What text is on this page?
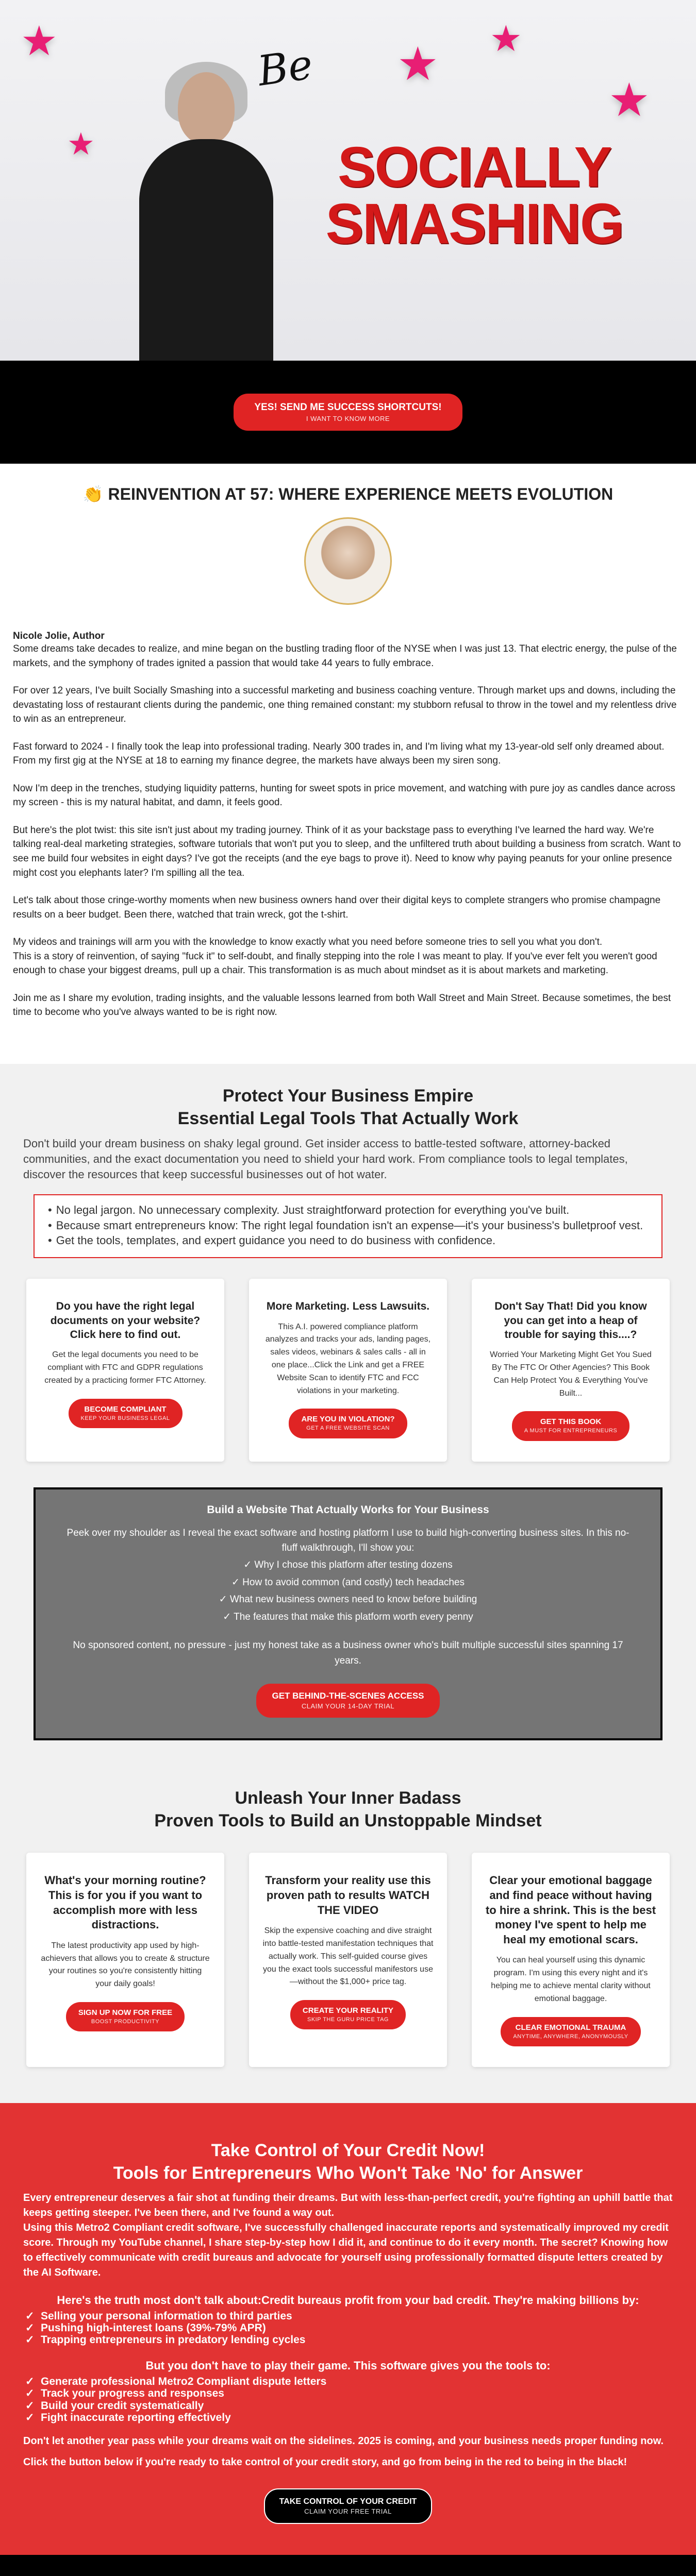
★
★
★ ★
★
Be
SOCIALLY
SMASHING
YES! SEND ME SUCCESS SHORTCUTS!
I WANT TO KNOW MORE
👏 REINVENTION AT 57: WHERE EXPERIENCE MEETS EVOLUTION
Nicole Jolie, Author

Some dreams take decades to realize, and mine began on the bustling trading floor of the NYSE when I was just 13. That electric energy, the pulse of the markets, and the symphony of trades ignited a passion that would take 44 years to fully embrace.

For over 12 years, I've built Socially Smashing into a successful marketing and business coaching venture. Through market ups and downs, including the devastating loss of restaurant clients during the pandemic, one thing remained constant: my stubborn refusal to throw in the towel and my relentless drive to win as an entrepreneur.

Fast forward to 2024 - I finally took the leap into professional trading. Nearly 300 trades in, and I'm living what my 13-year-old self only dreamed about. From my first gig at the NYSE at 18 to earning my finance degree, the markets have always been my siren song.

Now I'm deep in the trenches, studying liquidity patterns, hunting for sweet spots in price movement, and watching with pure joy as candles dance across my screen - this is my natural habitat, and damn, it feels good.

But here's the plot twist: this site isn't just about my trading journey. Think of it as your backstage pass to everything I've learned the hard way. We're talking real-deal marketing strategies, software tutorials that won't put you to sleep, and the unfiltered truth about building a business from scratch. Want to see me build four websites in eight days? I've got the receipts (and the eye bags to prove it). Need to know why paying peanuts for your online presence might cost you elephants later? I'm spilling all the tea.

Let's talk about those cringe-worthy moments when new business owners hand over their digital keys to complete strangers who promise champagne results on a beer budget. Been there, watched that train wreck, got the t-shirt.

My videos and trainings will arm you with the knowledge to know exactly what you need before someone tries to sell you what you don't.

This is a story of reinvention, of saying "fuck it" to self-doubt, and finally stepping into the role I was meant to play. If you've ever felt you weren't good enough to chase your biggest dreams, pull up a chair. This transformation is as much about mindset as it is about markets and marketing.

Join me as I share my evolution, trading insights, and the valuable lessons learned from both Wall Street and Main Street. Because sometimes, the best time to become who you've always wanted to be is right now.

Protect Your Business Empire
Essential Legal Tools That Actually Work

Don't build your dream business on shaky legal ground. Get insider access to battle-tested software, attorney-backed communities, and the exact documentation you need to shield your hard work. From compliance tools to legal templates, discover the resources that keep successful businesses out of hot water.

• No legal jargon. No unnecessary complexity. Just straightforward protection for everything you've built.
• Because smart entrepreneurs know: The right legal foundation isn't an expense—it's your business's bulletproof vest.
• Get the tools, templates, and expert guidance you need to do business with confidence.
Do you have the right legal documents on your website? Click here to find out.

Get the legal documents you need to be compliant with FTC and GDPR regulations created by a practicing former FTC Attorney.

BECOME COMPLIANT
KEEP YOUR BUSINESS LEGAL
More Marketing. Less Lawsuits.

This A.I. powered compliance platform analyzes and tracks your ads, landing pages, sales videos, webinars & sales calls - all in one place...Click the Link and get a FREE Website Scan to identify FTC and FCC violations in your marketing.

ARE YOU IN VIOLATION?
GET A FREE WEBSITE SCAN
Don't Say That! Did you know you can get into a heap of trouble for saying this....?

Worried Your Marketing Might Get You Sued By The FTC Or Other Agencies? This Book Can Help Protect You & Everything You've Built...

GET THIS BOOK
A MUST FOR ENTREPRENEURS
Build a Website That Actually Works for Your Business

Peek over my shoulder as I reveal the exact software and hosting platform I use to build high-converting business sites. In this no-fluff walkthrough, I'll show you:

✓ Why I chose this platform after testing dozens

✓ How to avoid common (and costly) tech headaches

✓ What new business owners need to know before building

✓ The features that make this platform worth every penny

No sponsored content, no pressure - just my honest take as a business owner who's built multiple successful sites spanning 17 years.

GET BEHIND-THE-SCENES ACCESS
CLAIM YOUR 14-DAY TRIAL
Unleash Your Inner Badass
Proven Tools to Build an Unstoppable Mindset
What's your morning routine? This is for you if you want to accomplish more with less distractions.

The latest productivity app used by high-achievers that allows you to create & structure your routines so you're consistently hitting your daily goals!

SIGN UP NOW FOR FREE
BOOST PRODUCTIVITY
Transform your reality use this proven path to results WATCH THE VIDEO

Skip the expensive coaching and dive straight into battle-tested manifestation techniques that actually work. This self-guided course gives you the exact tools successful manifestors use—without the $1,000+ price tag.

CREATE YOUR REALITY
SKIP THE GURU PRICE TAG
Clear your emotional baggage and find peace without having to hire a shrink. This is the best money I've spent to help me heal my emotional scars.

You can heal yourself using this dynamic program. I'm using this every night and it's helping me to achieve mental clarity without emotional baggage.

CLEAR EMOTIONAL TRAUMA
ANYTIME, ANYWHERE, ANONYMOUSLY
Take Control of Your Credit Now!
Tools for Entrepreneurs Who Won't Take 'No' for Answer

Every entrepreneur deserves a fair shot at funding their dreams. But with less-than-perfect credit, you're fighting an uphill battle that keeps getting steeper. I've been there, and I've found a way out.

Using this Metro2 Compliant credit software, I've successfully challenged inaccurate reports and systematically improved my credit score. Through my YouTube channel, I share step-by-step how I did it, and continue to do it every month. The secret? Knowing how to effectively communicate with credit bureaus and advocate for yourself using professionally formatted dispute letters created by the AI Software.

Here's the truth most don't talk about:Credit bureaus profit from your bad credit. They're making billions by:
✓ Selling your personal information to third parties
✓ Pushing high-interest loans (39%-79% APR)
✓ Trapping entrepreneurs in predatory lending cycles
But you don't have to play their game. This software gives you the tools to:
✓ Generate professional Metro2 Compliant dispute letters
✓ Track your progress and responses
✓ Build your credit systematically
✓ Fight inaccurate reporting effectively

Don't let another year pass while your dreams wait on the sidelines. 2025 is coming, and your business needs proper funding now.

Click the button below if you're ready to take control of your credit story, and go from being in the red to being in the black!

TAKE CONTROL OF YOUR CREDIT
CLAIM YOUR FREE TRIAL
